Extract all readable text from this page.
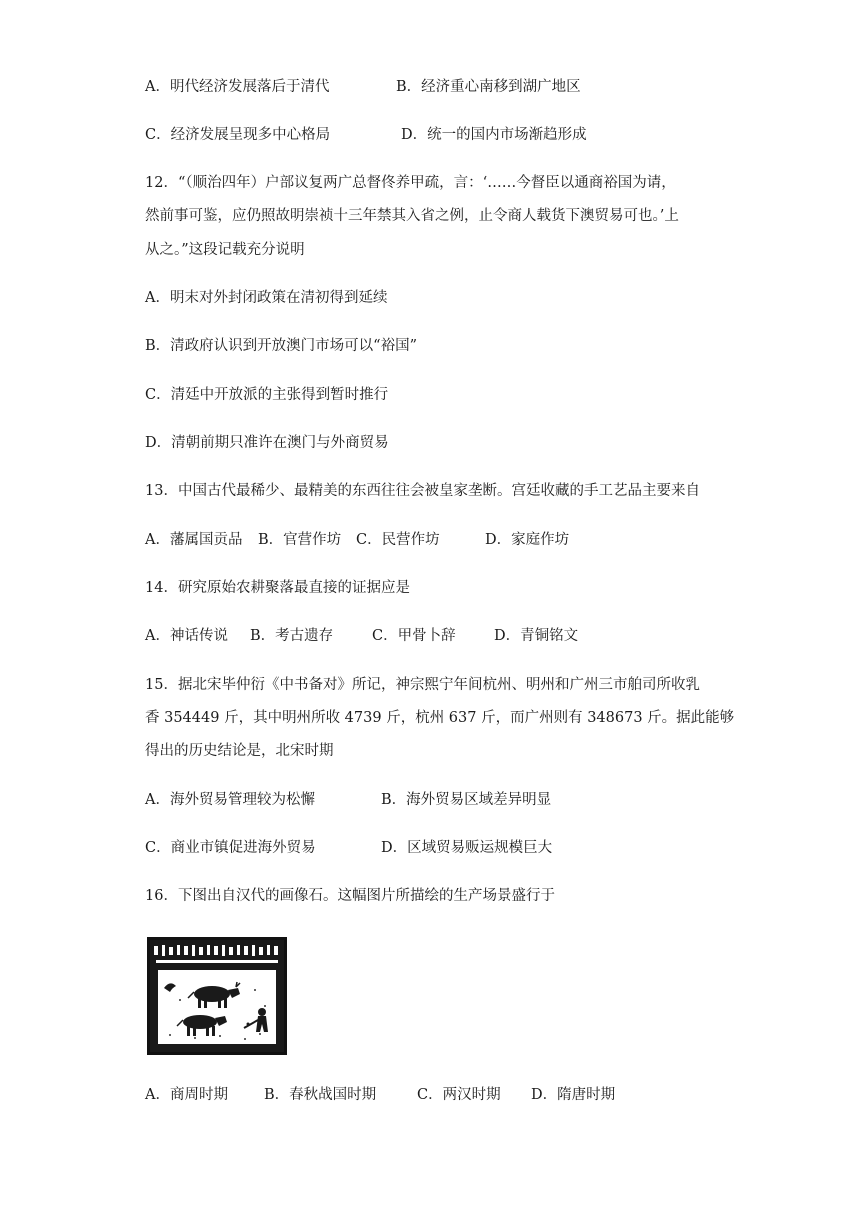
A．明代经济发展落后于清代	B．经济重心南移到湖广地区
C．经济发展呈现多中心格局	D．统一的国内市场渐趋形成
12．“（顺治四年）户部议复两广总督佟养甲疏，言：‘……今督臣以通商裕国为请，
然前事可鉴，应仍照故明崇祯十三年禁其入省之例，止令商人载货下澳贸易可也。’上
从之。”这段记载充分说明
A．明末对外封闭政策在清初得到延续
B．清政府认识到开放澳门市场可以“裕国”
C．清廷中开放派的主张得到暂时推行
D．清朝前期只准许在澳门与外商贸易
13．中国古代最稀少、最精美的东西往往会被皇家垄断。宫廷收藏的手工艺品主要来自
A．藩属国贡品 B．官营作坊 C．民营作坊	D．家庭作坊
14．研究原始农耕聚落最直接的证据应是
A．神话传说 B．考古遗存	C．甲骨卜辞	D．青铜铭文
15．据北宋毕仲衍《中书备对》所记，神宗熙宁年间杭州、明州和广州三市舶司所收乳
香 354449 斤，其中明州所收 4739 斤，杭州 637 斤，而广州则有 348673 斤。据此能够
得出的历史结论是，北宋时期
A．海外贸易管理较为松懈	B．海外贸易区域差异明显
C．商业市镇促进海外贸易	D．区域贸易贩运规模巨大
16．下图出自汉代的画像石。这幅图片所描绘的生产场景盛行于
A．商周时期 B．春秋战国时期	C．两汉时期 D．隋唐时期
